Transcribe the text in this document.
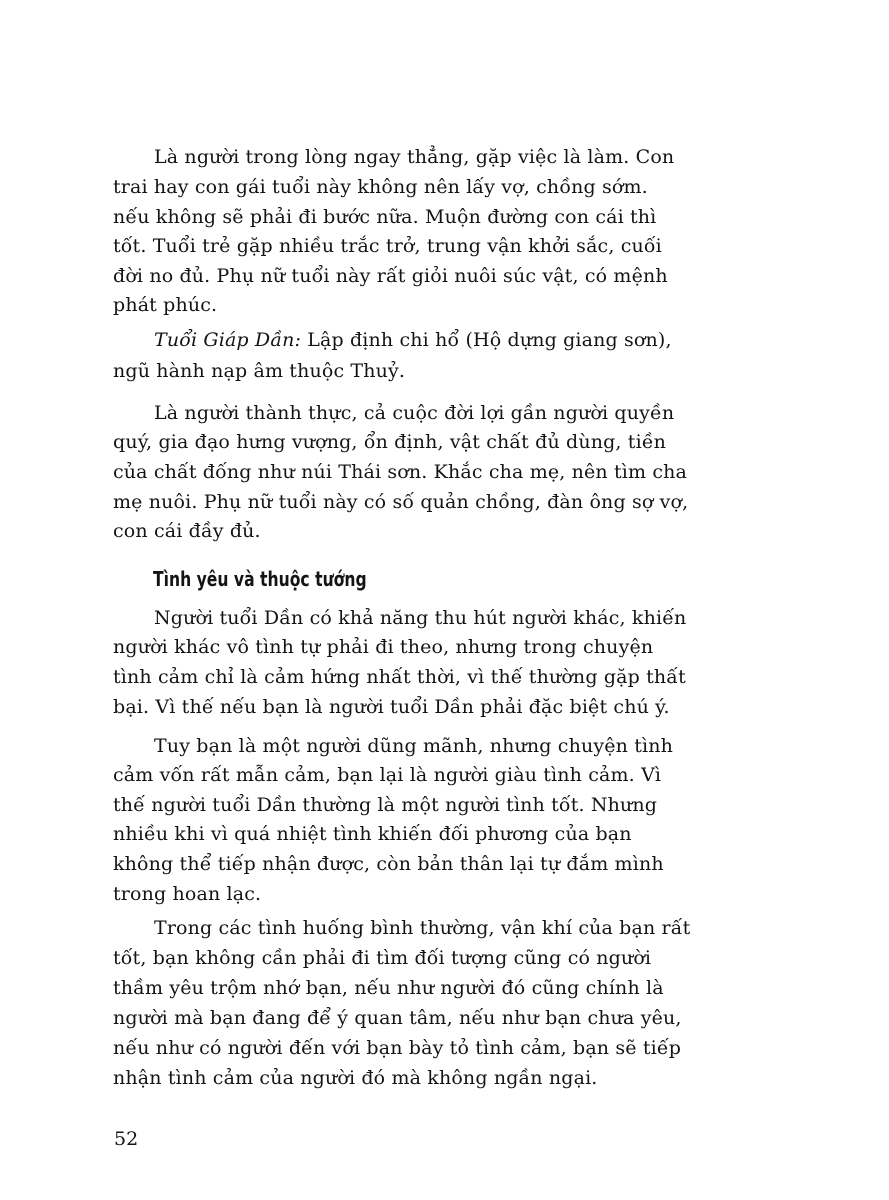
Là người trong lòng ngay thẳng, gặp việc là làm. Con
trai hay con gái tuổi này không nên lấy vợ, chồng sớm.
nếu không sẽ phải đi bước nữa. Muộn đường con cái thì
tốt. Tuổi trẻ gặp nhiều trắc trở, trung vận khởi sắc, cuối
đời no đủ. Phụ nữ tuổi này rất giỏi nuôi súc vật, có mệnh
phát phúc.
Tuổi Giáp Dần: Lập định chi hổ (Hộ dựng giang sơn),
ngũ hành nạp âm thuộc Thuỷ.
Là người thành thực, cả cuộc đời lợi gần người quyền
quý, gia đạo hưng vượng, ổn định, vật chất đủ dùng, tiền
của chất đống như núi Thái sơn. Khắc cha mẹ, nên tìm cha
mẹ nuôi. Phụ nữ tuổi này có số quản chồng, đàn ông sợ vợ,
con cái đầy đủ.
Tình yêu và thuộc tướng
Người tuổi Dần có khả năng thu hút người khác, khiến
người khác vô tình tự phải đi theo, nhưng trong chuyện
tình cảm chỉ là cảm hứng nhất thời, vì thế thường gặp thất
bại. Vì thế nếu bạn là người tuổi Dần phải đặc biệt chú ý.
Tuy bạn là một người dũng mãnh, nhưng chuyện tình
cảm vốn rất mẫn cảm, bạn lại là người giàu tình cảm. Vì
thế người tuổi Dần thường là một người tình tốt. Nhưng
nhiều khi vì quá nhiệt tình khiến đối phương của bạn
không thể tiếp nhận được, còn bản thân lại tự đắm mình
trong hoan lạc.
Trong các tình huống bình thường, vận khí của bạn rất
tốt, bạn không cần phải đi tìm đối tượng cũng có người
thầm yêu trộm nhớ bạn, nếu như người đó cũng chính là
người mà bạn đang để ý quan tâm, nếu như bạn chưa yêu,
nếu như có người đến với bạn bày tỏ tình cảm, bạn sẽ tiếp
nhận tình cảm của người đó mà không ngần ngại.
52
